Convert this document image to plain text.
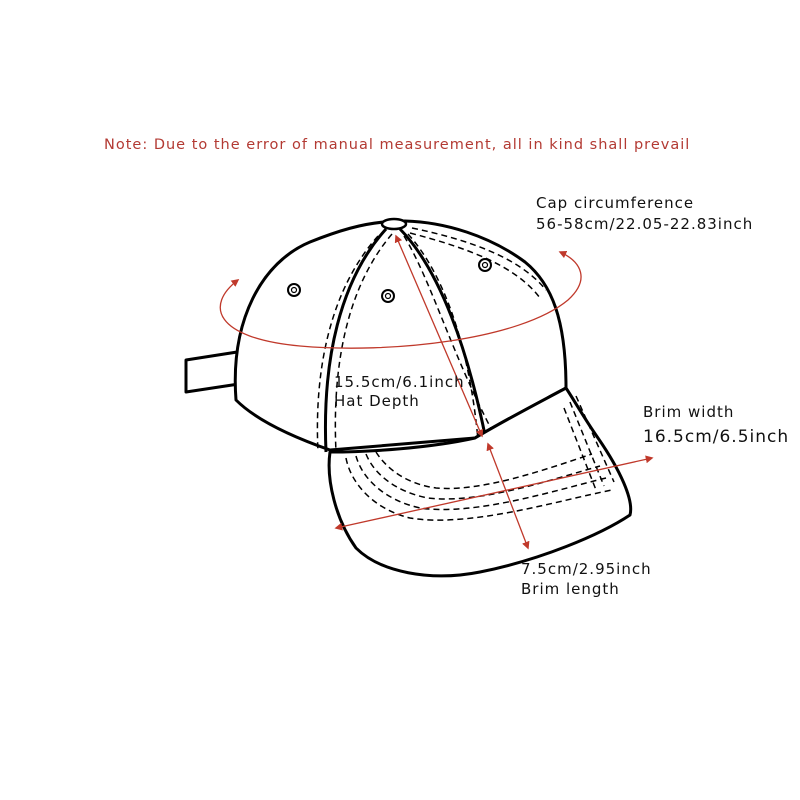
Note: Due to the error of manual measurement, all in kind shall prevail
Cap circumference
56-58cm/22.05-22.83inch
15.5cm/6.1inch
Hat Depth
Brim width
16.5cm/6.5inch
7.5cm/2.95inch
Brim length
